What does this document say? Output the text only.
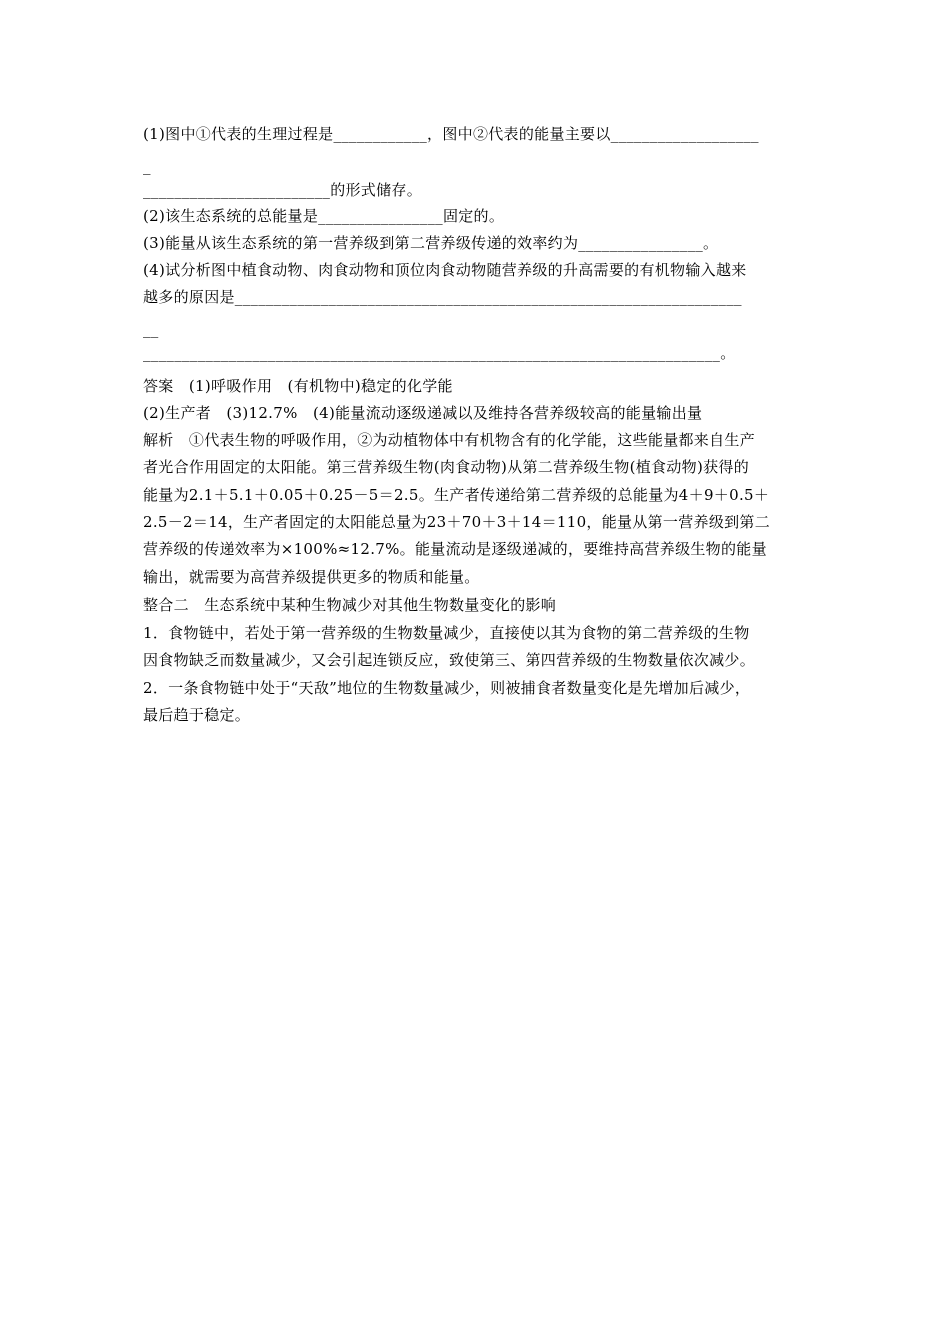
(1)图中①代表的生理过程是____________，图中②代表的能量主要以___________________
_
________________________的形式储存。
(2)该生态系统的总能量是________________固定的。
(3)能量从该生态系统的第一营养级到第二营养级传递的效率约为________________。
(4)试分析图中植食动物、肉食动物和顶位肉食动物随营养级的升高需要的有机物输入越来
越多的原因是_________________________________________________________________
__
__________________________________________________________________________。
答案　(1)呼吸作用　(有机物中)稳定的化学能
(2)生产者　(3)12.7%　(4)能量流动逐级递减以及维持各营养级较高的能量输出量
解析　①代表生物的呼吸作用，②为动植物体中有机物含有的化学能，这些能量都来自生产
者光合作用固定的太阳能。第三营养级生物(肉食动物)从第二营养级生物(植食动物)获得的
能量为2.1＋5.1＋0.05＋0.25－5＝2.5。生产者传递给第二营养级的总能量为4＋9＋0.5＋
2.5－2＝14，生产者固定的太阳能总量为23＋70＋3＋14＝110，能量从第一营养级到第二
营养级的传递效率为×100%≈12.7%。能量流动是逐级递减的，要维持高营养级生物的能量
输出，就需要为高营养级提供更多的物质和能量。
整合二　生态系统中某种生物减少对其他生物数量变化的影响
1．食物链中，若处于第一营养级的生物数量减少，直接使以其为食物的第二营养级的生物
因食物缺乏而数量减少，又会引起连锁反应，致使第三、第四营养级的生物数量依次减少。
2．一条食物链中处于“天敌”地位的生物数量减少，则被捕食者数量变化是先增加后减少，
最后趋于稳定。
